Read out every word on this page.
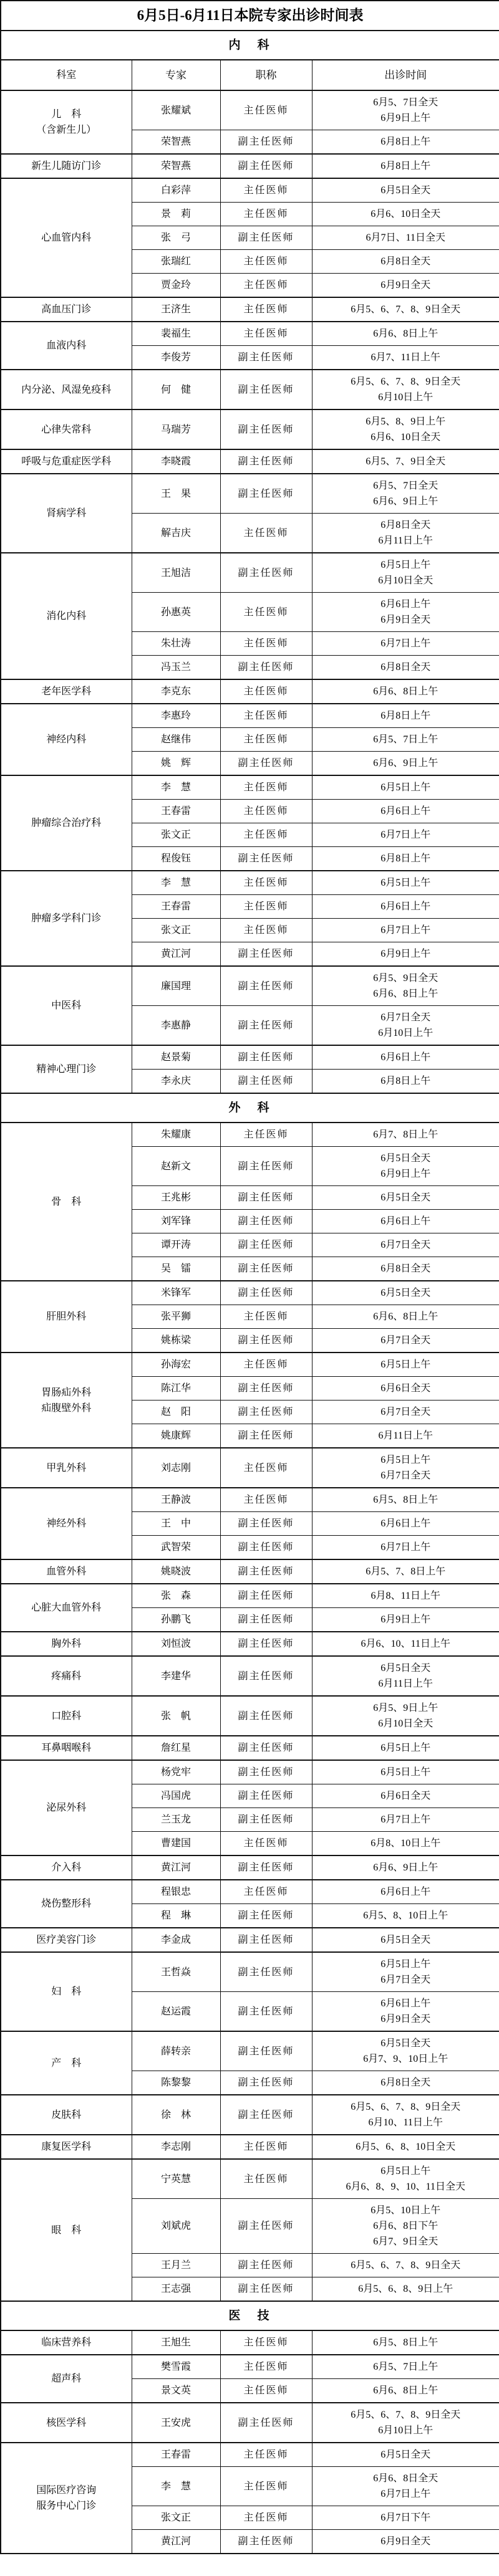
6月5日-6月11日本院专家出诊时间表			
内　科			
科室	专家	职称	出诊时间

儿　科
（含新生儿）
	张耀斌	主任医师	
6月5、7日全天
6月9日上午

	荣智燕	副主任医师	6月8日上午

新生儿随访门诊	荣智燕	副主任医师	6月8日上午

心血管内科	白彩萍	主任医师	6月5日全天

	景　莉	主任医师	6月6、10日全天

	张　弓	副主任医师	6月7日、11日全天

	张瑞红	主任医师	6月8日全天

	贾金玲	主任医师	6月9日全天

高血压门诊	王济生	主任医师	6月5、6、7、8、9日全天

血液内科	裴福生	主任医师	6月6、8日上午

	李俊芳	副主任医师	6月7、11日上午

内分泌、风湿免疫科	何　健	副主任医师	6月5、6、7、8、9日全天
6月10日上午

心律失常科	马瑞芳	副主任医师	6月5、8、9日上午
6月6、10日全天

呼吸与危重症医学科	李晓霞	副主任医师	6月5、7、9日全天

肾病学科	王　果	副主任医师	6月5、7日全天
6月6、9日上午

	解吉庆	主任医师	6月8日全天
6月11日上午

消化内科	王旭洁	副主任医师	6月5日上午
6月10日全天

	孙惠英	主任医师	6月6日上午
6月9日全天

	朱壮涛	主任医师	6月7日上午

	冯玉兰	副主任医师	6月8日全天

老年医学科	李克东	主任医师	6月6、8日上午

神经内科	李惠玲	主任医师	6月8日上午

	赵继伟	主任医师	6月5、7日上午

	姚　辉	副主任医师	6月6、9日上午

肿瘤综合治疗科	李　慧	主任医师	6月5日上午

	王春雷	主任医师	6月6日上午

	张文正	主任医师	6月7日上午

	程俊钰	副主任医师	6月8日上午

肿瘤多学科门诊	李　慧	主任医师	6月5日上午

	王春雷	主任医师	6月6日上午

	张文正	主任医师	6月7日上午

	黄江河	副主任医师	6月9日上午

中医科	廉国理	副主任医师	6月5、9日全天
6月6、8日上午

	李惠静	副主任医师	6月7日全天
6月10日上午

精神心理门诊	赵景菊	副主任医师	6月6日上午

	李永庆	副主任医师	6月8日上午

外　科			

骨　科	朱耀康	主任医师	6月7、8日上午

	赵新文	副主任医师	6月5日全天
6月9日上午

	王兆彬	副主任医师	6月5日全天

	刘军锋	副主任医师	6月6日上午

	谭开涛	副主任医师	6月7日全天

	吴　镭	副主任医师	6月8日全天

肝胆外科	米锋军	副主任医师	6月5日全天

	张平狮	主任医师	6月6、8日上午

	姚栋梁	副主任医师	6月7日全天

胃肠疝外科
疝腹壁外科	孙海宏	主任医师	6月5日上午

	陈江华	副主任医师	6月6日全天

	赵　阳	副主任医师	6月7日全天

	姚康辉	副主任医师	6月11日上午

甲乳外科	刘志刚	主任医师	6月5日上午
6月7日全天

神经外科	王静波	主任医师	6月5、8日上午

	王　中	副主任医师	6月6日上午

	武智荣	副主任医师	6月7日上午

血管外科	姚晓波	副主任医师	6月5、7、8日上午

心脏大血管外科	张　森	副主任医师	6月8、11日上午

	孙鹏飞	副主任医师	6月9日上午

胸外科	刘恒波	副主任医师	6月6、10、11日上午

疼痛科	李建华	副主任医师	6月5日全天
6月11日上午

口腔科	张　帆	副主任医师	6月5、9日上午
6月10日全天

耳鼻咽喉科	詹红星	副主任医师	6月5日上午

泌尿外科	杨党牢	副主任医师	6月5日上午

	冯国虎	副主任医师	6月6日全天

	兰玉龙	副主任医师	6月7日上午

	曹建国	主任医师	6月8、10日上午

介入科	黄江河	副主任医师	6月6、9日上午

烧伤整形科	程银忠	主任医师	6月6日上午

	程　琳	副主任医师	6月5、8、10日上午

医疗美容门诊	李金成	副主任医师	6月5日全天

妇　科	王哲焱	副主任医师	6月5日上午
6月7日全天

	赵运霞	副主任医师	6月6日上午
6月9日全天

产　科	薛转亲	副主任医师	6月5日全天
6月7、9、10日上午

	陈黎黎	副主任医师	6月8日全天

皮肤科	徐　林	副主任医师	6月5、6、7、8、9日全天
6月10、11日上午

康复医学科	李志刚	主任医师	6月5、6、8、10日全天

眼　科	宁英慧	主任医师	6月5日上午
6月6、8、9、10、11日全天

	刘斌虎	副主任医师	6月5、10日上午
6月6、8日下午
6月7、9日全天

	王月兰	副主任医师	6月5、6、7、8、9日全天

	王志强	副主任医师	6月5、6、8、9日上午

医　技			

临床营养科	王旭生	主任医师	6月5、8日上午

超声科	樊雪霞	主任医师	6月5、7日上午

	景文英	主任医师	6月6、8日上午

核医学科	王安虎	副主任医师	6月5、6、7、8、9日全天
6月10日上午

国际医疗咨询
服务中心门诊	王春雷	主任医师	6月5日全天

	李　慧	主任医师	6月6、8日全天
6月7日上午

	张文正	主任医师	6月7日下午

	黄江河	副主任医师	6月9日全天
